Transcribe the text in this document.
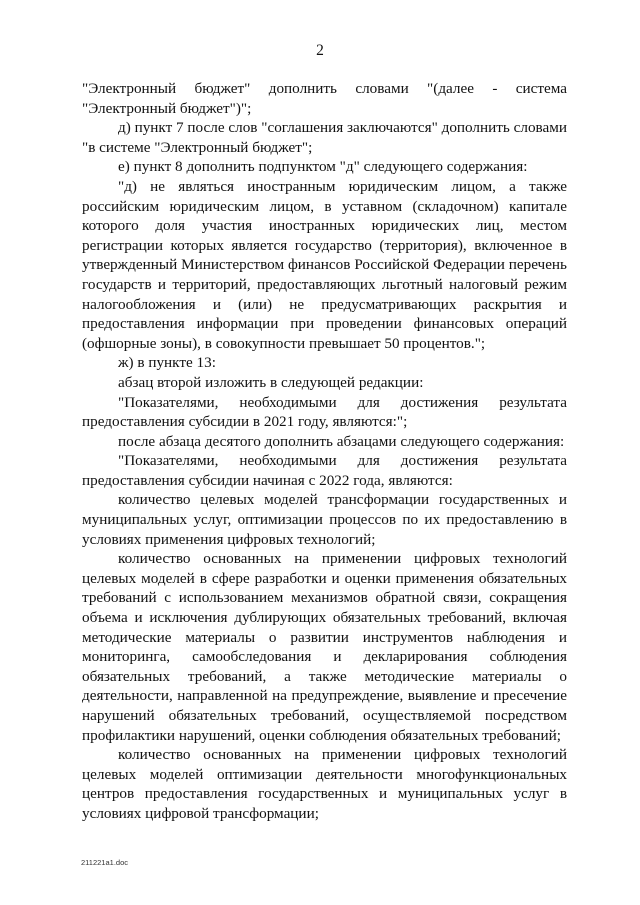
2

"Электронный бюджет" дополнить словами "(далее - система "Электронный бюджет")";

д) пункт 7 после слов "соглашения заключаются" дополнить словами "в системе "Электронный бюджет";

е) пункт 8 дополнить подпунктом "д" следующего содержания:

"д) не являться иностранным юридическим лицом, а также российским юридическим лицом, в уставном (складочном) капитале которого доля участия иностранных юридических лиц, местом регистрации которых является государство (территория), включенное в утвержденный Министерством финансов Российской Федерации перечень государств и территорий, предоставляющих льготный налоговый режим налогообложения и (или) не предусматривающих раскрытия и предоставления информации при проведении финансовых операций (офшорные зоны), в совокупности превышает 50 процентов.";

ж) в пункте 13:

абзац второй изложить в следующей редакции:

"Показателями, необходимыми для достижения результата предоставления субсидии в 2021 году, являются:";

после абзаца десятого дополнить абзацами следующего содержания:

"Показателями, необходимыми для достижения результата предоставления субсидии начиная с 2022 года, являются:

количество целевых моделей трансформации государственных и муниципальных услуг, оптимизации процессов по их предоставлению в условиях применения цифровых технологий;

количество основанных на применении цифровых технологий целевых моделей в сфере разработки и оценки применения обязательных требований с использованием механизмов обратной связи, сокращения объема и исключения дублирующих обязательных требований, включая методические материалы о развитии инструментов наблюдения и мониторинга, самообследования и декларирования соблюдения обязательных требований, а также методические материалы о деятельности, направленной на предупреждение, выявление и пресечение нарушений обязательных требований, осуществляемой посредством профилактики нарушений, оценки соблюдения обязательных требований;

количество основанных на применении цифровых технологий целевых моделей оптимизации деятельности многофункциональных центров предоставления государственных и муниципальных услуг в условиях цифровой трансформации;

211221a1.doc
